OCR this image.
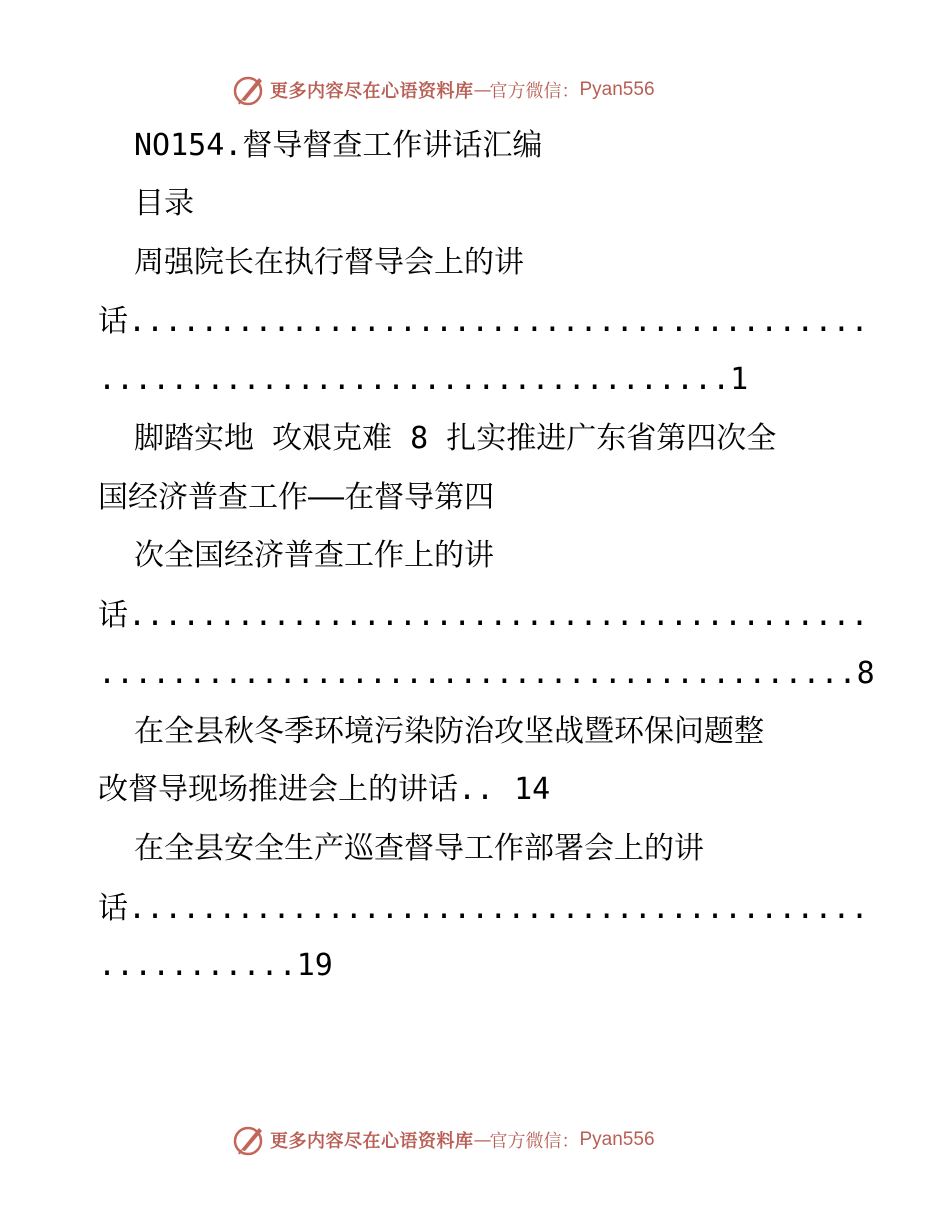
更多内容尽在心语资料库 — 官方微信： Pyan556
NO154.督导督查工作讲话汇编
目录
周强院长在执行督导会上的讲
话.........................................
...................................1
脚踏实地 攻艰克难 8 扎实推进广东省第四次全
国经济普查工作——在督导第四
次全国经济普查工作上的讲
话.........................................
..........................................8
在全县秋冬季环境污染防治攻坚战暨环保问题整
改督导现场推进会上的讲话.. 14
在全县安全生产巡查督导工作部署会上的讲
话.........................................
...........19
更多内容尽在心语资料库 — 官方微信： Pyan556
